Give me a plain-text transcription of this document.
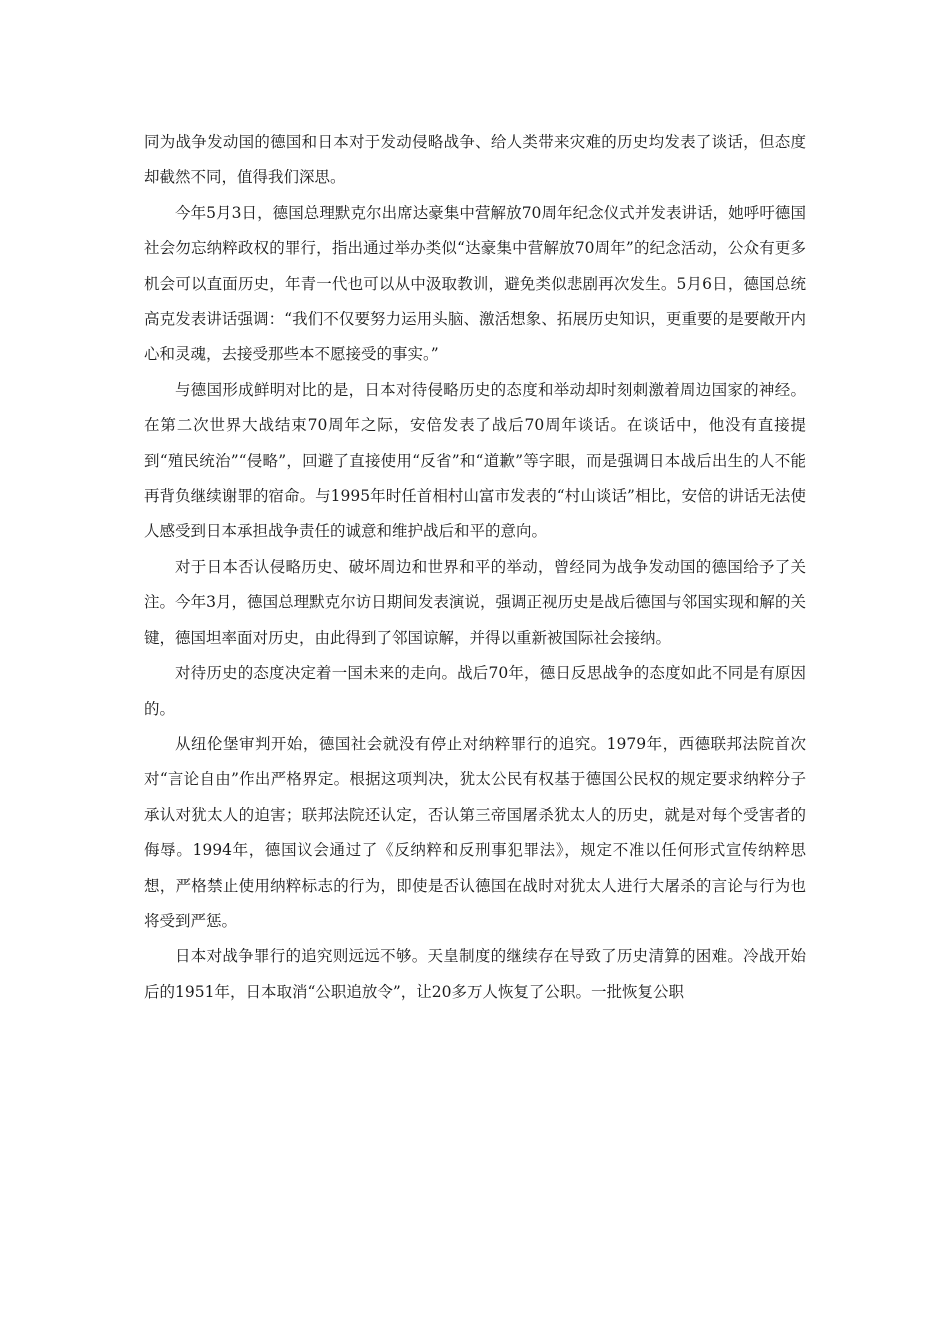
同为战争发动国的德国和日本对于发动侵略战争、给人类带来灾难的历史均发表了谈话，但态度却截然不同，值得我们深思。

今年5月3日，德国总理默克尔出席达豪集中营解放70周年纪念仪式并发表讲话，她呼吁德国社会勿忘纳粹政权的罪行，指出通过举办类似“达豪集中营解放70周年”的纪念活动，公众有更多机会可以直面历史，年青一代也可以从中汲取教训，避免类似悲剧再次发生。5月6日，德国总统高克发表讲话强调：“我们不仅要努力运用头脑、激活想象、拓展历史知识，更重要的是要敞开内心和灵魂，去接受那些本不愿接受的事实。”

与德国形成鲜明对比的是，日本对待侵略历史的态度和举动却时刻刺激着周边国家的神经。在第二次世界大战结束70周年之际，安倍发表了战后70周年谈话。在谈话中，他没有直接提到“殖民统治”“侵略”，回避了直接使用“反省”和“道歉”等字眼，而是强调日本战后出生的人不能再背负继续谢罪的宿命。与1995年时任首相村山富市发表的“村山谈话”相比，安倍的讲话无法使人感受到日本承担战争责任的诚意和维护战后和平的意向。

对于日本否认侵略历史、破坏周边和世界和平的举动，曾经同为战争发动国的德国给予了关注。今年3月，德国总理默克尔访日期间发表演说，强调正视历史是战后德国与邻国实现和解的关键，德国坦率面对历史，由此得到了邻国谅解，并得以重新被国际社会接纳。

对待历史的态度决定着一国未来的走向。战后70年，德日反思战争的态度如此不同是有原因的。

从纽伦堡审判开始，德国社会就没有停止对纳粹罪行的追究。1979年，西德联邦法院首次对“言论自由”作出严格界定。根据这项判决，犹太公民有权基于德国公民权的规定要求纳粹分子承认对犹太人的迫害；联邦法院还认定，否认第三帝国屠杀犹太人的历史，就是对每个受害者的侮辱。1994年，德国议会通过了《反纳粹和反刑事犯罪法》，规定不准以任何形式宣传纳粹思想，严格禁止使用纳粹标志的行为，即使是否认德国在战时对犹太人进行大屠杀的言论与行为也将受到严惩。

日本对战争罪行的追究则远远不够。天皇制度的继续存在导致了历史清算的困难。冷战开始后的1951年，日本取消“公职追放令”，让20多万人恢复了公职。一批恢复公职
